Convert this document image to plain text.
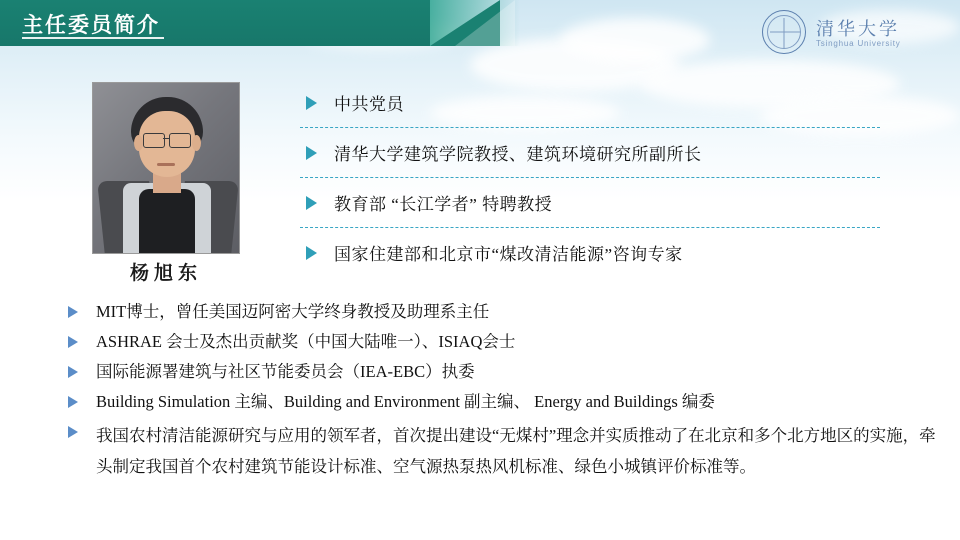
主任委员简介	清华大学
Tsinghua University
杨旭东
中共党员
清华大学建筑学院教授、建筑环境研究所副所长
教育部 “长江学者” 特聘教授
国家住建部和北京市“煤改清洁能源”咨询专家
MIT博士，曾任美国迈阿密大学终身教授及助理系主任
ASHRAE 会士及杰出贡献奖（中国大陆唯一）、ISIAQ会士
国际能源署建筑与社区节能委员会（IEA-EBC）执委
Building Simulation 主编、Building and Environment 副主编、 Energy and Buildings 编委
我国农村清洁能源研究与应用的领军者，首次提出建设“无煤村”理念并实质推动了在北京和多个北方地区的实施，牵头制定我国首个农村建筑节能设计标准、空气源热泵热风机标准、绿色小城镇评价标准等。
